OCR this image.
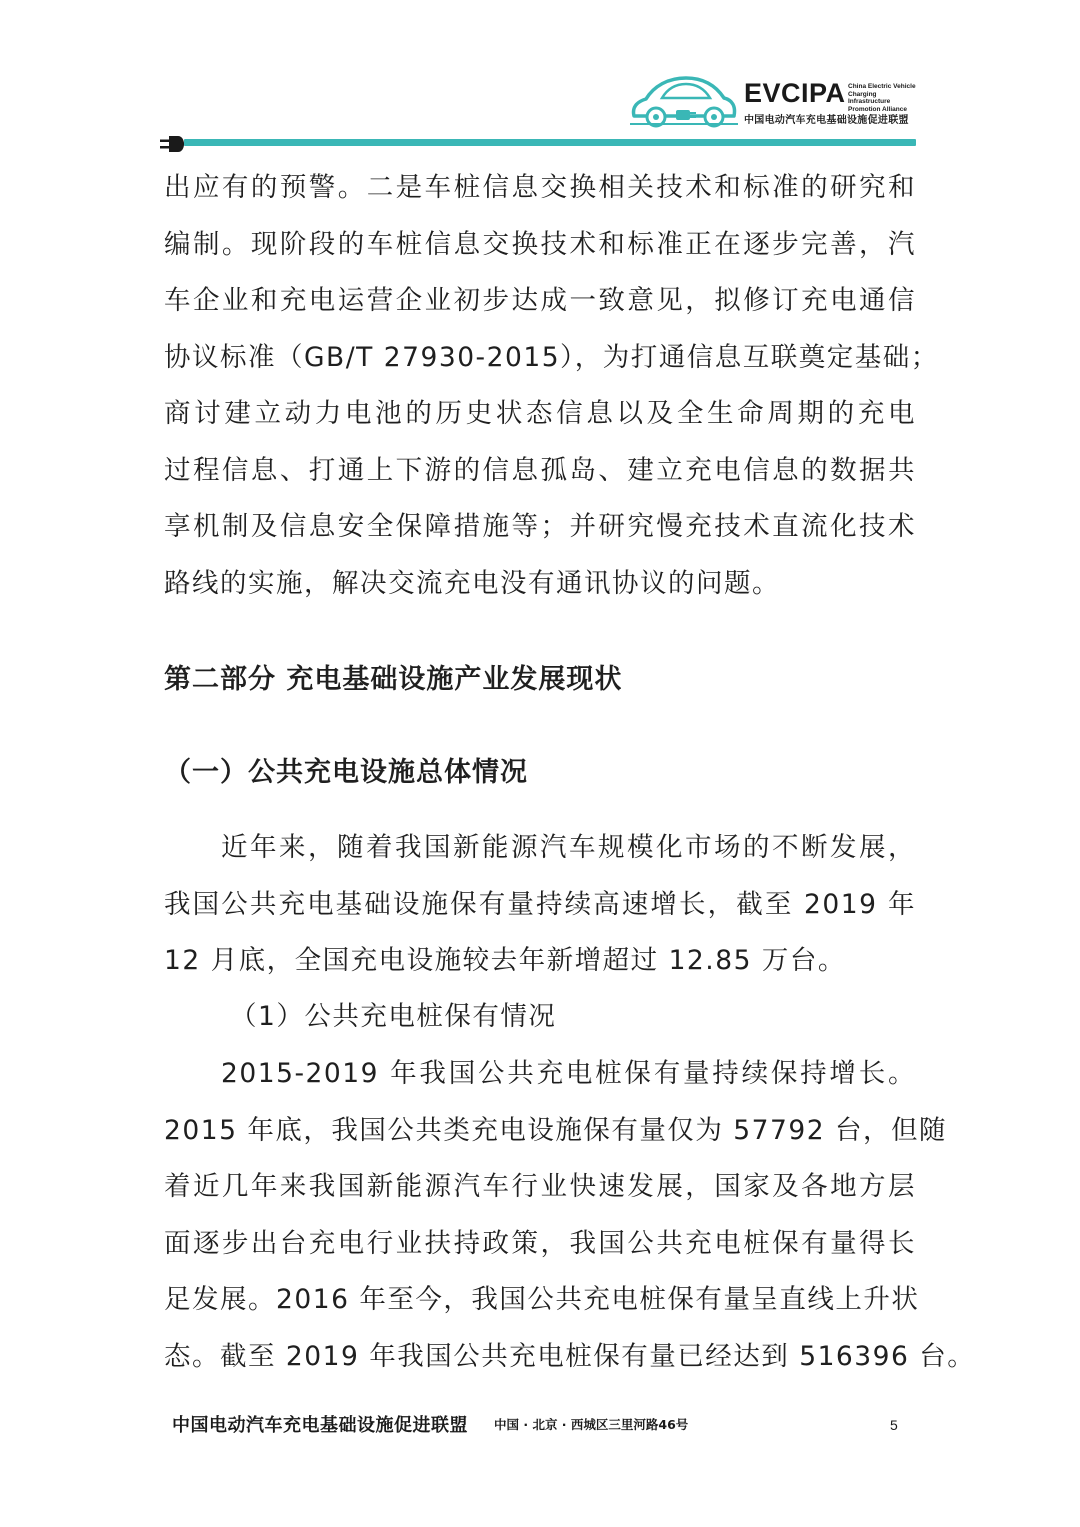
EVCIPA China Electric Vehicle
Charging Infrastructure
Promotion Alliance
中国电动汽车充电基础设施促进联盟

出应有的预警。二是车桩信息交换相关技术和标准的研究和
编制。现阶段的车桩信息交换技术和标准正在逐步完善，汽
车企业和充电运营企业初步达成一致意见，拟修订充电通信
协议标准（GB/T 27930-2015），为打通信息互联奠定基础；
商讨建立动力电池的历史状态信息以及全生命周期的充电
过程信息、打通上下游的信息孤岛、建立充电信息的数据共
享机制及信息安全保障措施等；并研究慢充技术直流化技术
路线的实施，解决交流充电没有通讯协议的问题。

第二部分 充电基础设施产业发展现状
（一）公共充电设施总体情况

近年来，随着我国新能源汽车规模化市场的不断发展，
我国公共充电基础设施保有量持续高速增长，截至 2019 年
12 月底，全国充电设施较去年新增超过 12.85 万台。

（1）公共充电桩保有情况

2015-2019 年我国公共充电桩保有量持续保持增长。
2015 年底，我国公共类充电设施保有量仅为 57792 台，但随
着近几年来我国新能源汽车行业快速发展，国家及各地方层
面逐步出台充电行业扶持政策，我国公共充电桩保有量得长
足发展。2016 年至今，我国公共充电桩保有量呈直线上升状
态。截至 2019 年我国公共充电桩保有量已经达到 516396 台。

中国电动汽车充电基础设施促进联盟 中国 · 北京 · 西城区三里河路46号	5
